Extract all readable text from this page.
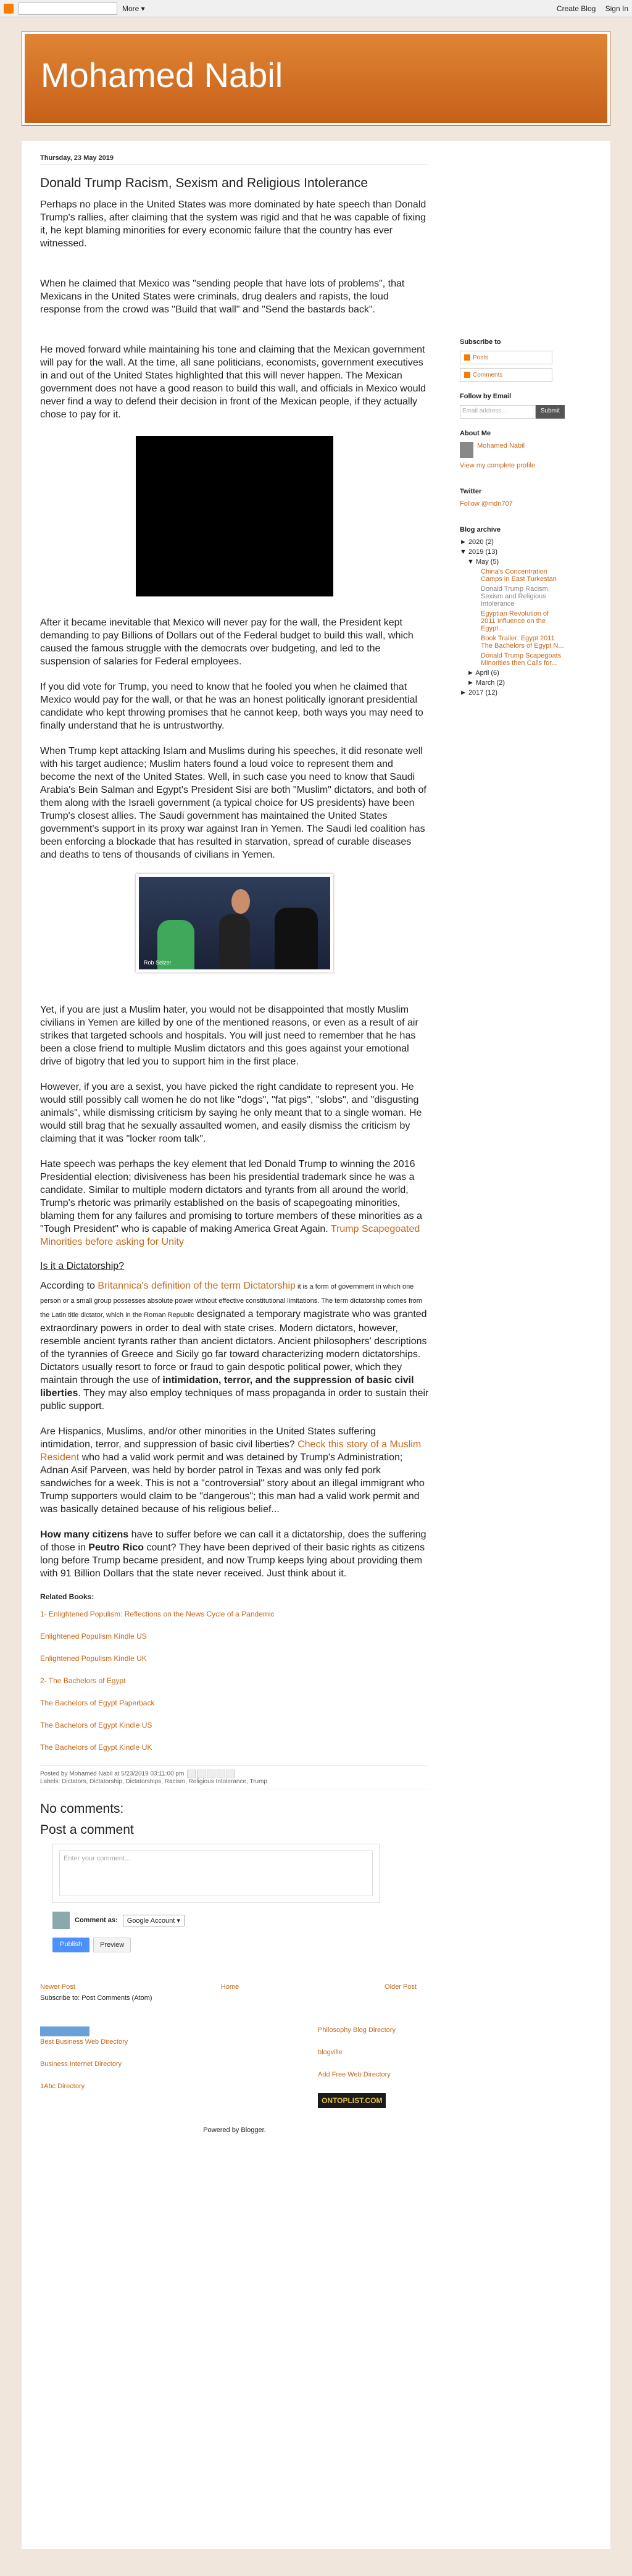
More ▾	Create Blog Sign In
Mohamed Nabil
Thursday, 23 May 2019
Donald Trump Racism, Sexism and Religious Intolerance

Perhaps no place in the United States was more dominated by hate speech than Donald Trump's rallies, after claiming that the system was rigid and that he was capable of fixing it, he kept blaming minorities for every economic failure that the country has ever witnessed.

When he claimed that Mexico was "sending people that have lots of problems", that Mexicans in the United States were criminals, drug dealers and rapists, the loud response from the crowd was "Build that wall" and "Send the bastards back".

He moved forward while maintaining his tone and claiming that the Mexican government will pay for the wall. At the time, all sane politicians, economists, government executives in and out of the United States highlighted that this will never happen. The Mexican government does not have a good reason to build this wall, and officials in Mexico would never find a way to defend their decision in front of the Mexican people, if they actually chose to pay for it.

After it became inevitable that Mexico will never pay for the wall, the President kept demanding to pay Billions of Dollars out of the Federal budget to build this wall, which caused the famous struggle with the democrats over budgeting, and led to the suspension of salaries for Federal employees.

If you did vote for Trump, you need to know that he fooled you when he claimed that Mexico would pay for the wall, or that he was an honest politically ignorant presidential candidate who kept throwing promises that he cannot keep, both ways you may need to finally understand that he is untrustworthy.

When Trump kept attacking Islam and Muslims during his speeches, it did resonate well with his target audience; Muslim haters found a loud voice to represent them and become the next of the United States. Well, in such case you need to know that Saudi Arabia's Bein Salman and Egypt's President Sisi are both "Muslim" dictators, and both of them along with the Israeli government (a typical choice for US presidents) have been Trump's closest allies. The Saudi government has maintained the United States government's support in its proxy war against Iran in Yemen. The Saudi led coalition has been enforcing a blockade that has resulted in starvation, spread of curable diseases and deaths to tens of thousands of civilians in Yemen.

Rob Selzer

Yet, if you are just a Muslim hater, you would not be disappointed that mostly Muslim civilians in Yemen are killed by one of the mentioned reasons, or even as a result of air strikes that targeted schools and hospitals. You will just need to remember that he has been a close friend to multiple Muslim dictators and this goes against your emotional drive of bigotry that led you to support him in the first place.

However, if you are a sexist, you have picked the right candidate to represent you. He would still possibly call women he do not like "dogs", "fat pigs", "slobs", and "disgusting animals", while dismissing criticism by saying he only meant that to a single woman. He would still brag that he sexually assaulted women, and easily dismiss the criticism by claiming that it was "locker room talk".

Hate speech was perhaps the key element that led Donald Trump to winning the 2016 Presidential election; divisiveness has been his presidential trademark since he was a candidate. Similar to multiple modern dictators and tyrants from all around the world, Trump's rhetoric was primarily established on the basis of scapegoating minorities, blaming them for any failures and promising to torture members of these minorities as a "Tough President" who is capable of making America Great Again. Trump Scapegoated Minorities before asking for Unity

Is it a Dictatorship?

According to Britannica's definition of the term Dictatorship it is a form of government in which one person or a small group possesses absolute power without effective constitutional limitations. The term dictatorship comes from the Latin title dictator, which in the Roman Republic designated a temporary magistrate who was granted extraordinary powers in order to deal with state crises. Modern dictators, however, resemble ancient tyrants rather than ancient dictators. Ancient philosophers' descriptions of the tyrannies of Greece and Sicily go far toward characterizing modern dictatorships. Dictators usually resort to force or fraud to gain despotic political power, which they maintain through the use of intimidation, terror, and the suppression of basic civil liberties. They may also employ techniques of mass propaganda in order to sustain their public support.

Are Hispanics, Muslims, and/or other minorities in the United States suffering intimidation, terror, and suppression of basic civil liberties? Check this story of a Muslim Resident who had a valid work permit and was detained by Trump's Administration; Adnan Asif Parveen, was held by border patrol in Texas and was only fed pork sandwiches for a week. This is not a "controversial" story about an illegal immigrant who Trump supporters would claim to be "dangerous"; this man had a valid work permit and was basically detained because of his religious belief...

How many citizens have to suffer before we can call it a dictatorship, does the suffering of those in Peutro Rico count? They have been deprived of their basic rights as citizens long before Trump became president, and now Trump keeps lying about providing them with 91 Billion Dollars that the state never received. Just think about it.

Related Books:
1- Enlightened Populism: Reflections on the News Cycle of a Pandemic
Enlightened Populism Kindle US
Enlightened Populism Kindle UK
2- The Bachelors of Egypt
The Bachelors of Egypt Paperback
The Bachelors of Egypt Kindle US
The Bachelors of Egypt Kindle UK
Posted by Mohamed Nabil at 5/23/2019 03:11:00 pm
Labels: Dictators, Dictatorship, Dictatorships, Racism, Religious Intolerance, Trump
No comments:
Post a comment
Enter your comment...
Comment as:	Google Account ▾
Publish	Preview
Newer Post	Home	Older Post
Subscribe to: Post Comments (Atom)

Best Business Web Directory

Business Internet Directory

1Abc Directory
Philosophy Blog Directory

blogville

Add Free Web Directory

ONTOPLIST.COM
Powered by Blogger.
Subscribe to
Posts
Comments
Follow by Email
Email address...	Submit
About Me
Mohamed Nabil
View my complete profile
Twitter
Follow @mdn707
Blog archive
► 2020 (2)
▼ 2019 (13)
▼ May (5)
China's Concentration Camps in East Turkestan
Donald Trump Racism, Sexism and Religious Intolerance
Egyptian Revolution of 2011 Influence on the Egypt...
Book Trailer: Egypt 2011 The Bachelors of Egypt N...
Donald Trump Scapegoats Minorities then Calls for...
► April (6)
► March (2)
► 2017 (12)
